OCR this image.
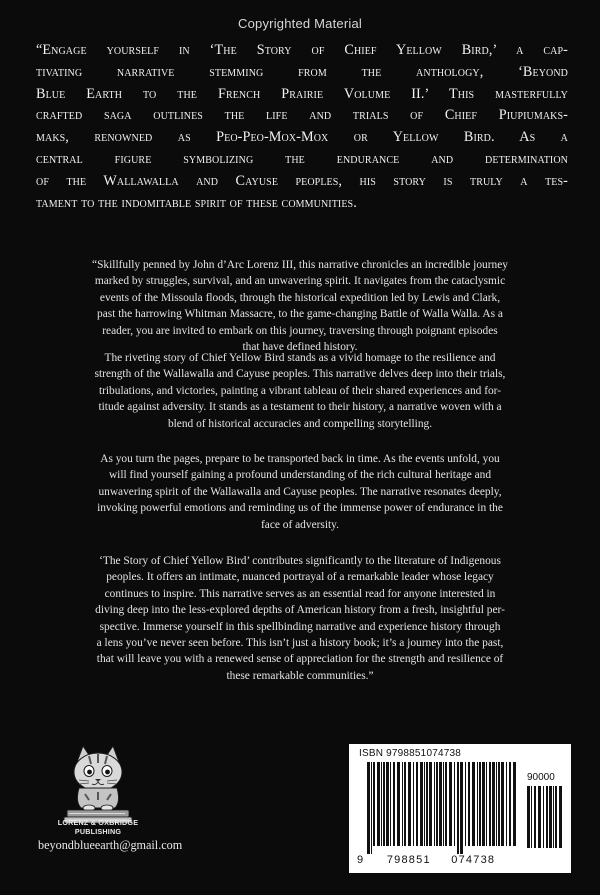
Copyrighted Material
“Engage yourself in ‘The Story of Chief Yellow Bird,’ a cap-
tivating narrative stemming from the anthology, ‘Beyond
Blue Earth to the French Prairie Volume II.’ This masterfully
crafted saga outlines the life and trials of Chief Piupiumaks-
maks, renowned as Peo-Peo-Mox-Mox or Yellow Bird. As a
central figure symbolizing the endurance and determination
of the Wallawalla and Cayuse peoples, his story is truly a tes-
tament to the indomitable spirit of these communities.
“Skillfully penned by John d’Arc Lorenz III, this narrative chronicles an incredible journey
marked by struggles, survival, and an unwavering spirit. It navigates from the cataclysmic
events of the Missoula floods, through the historical expedition led by Lewis and Clark,
past the harrowing Whitman Massacre, to the game-changing Battle of Walla Walla. As a
reader, you are invited to embark on this journey, traversing through poignant episodes
that have defined history.
The riveting story of Chief Yellow Bird stands as a vivid homage to the resilience and
strength of the Wallawalla and Cayuse peoples. This narrative delves deep into their trials,
tribulations, and victories, painting a vibrant tableau of their shared experiences and for-
titude against adversity. It stands as a testament to their history, a narrative woven with a
blend of historical accuracies and compelling storytelling.
As you turn the pages, prepare to be transported back in time. As the events unfold, you
will find yourself gaining a profound understanding of the rich cultural heritage and
unwavering spirit of the Wallawalla and Cayuse peoples. The narrative resonates deeply,
invoking powerful emotions and reminding us of the immense power of endurance in the
face of adversity.
‘The Story of Chief Yellow Bird’ contributes significantly to the literature of Indigenous
peoples. It offers an intimate, nuanced portrayal of a remarkable leader whose legacy
continues to inspire. This narrative serves as an essential read for anyone interested in
diving deep into the less-explored depths of American history from a fresh, insightful per-
spective. Immerse yourself in this spellbinding narrative and experience history through
a lens you’ve never seen before. This isn’t just a history book; it’s a journey into the past,
that will leave you with a renewed sense of appreciation for the strength and resilience of
these remarkable communities.”
LORENZ & OXBRIDGE
PUBLISHING
beyondblueearth@gmail.com
ISBN 9798851074738
90000
9 798851 074738
